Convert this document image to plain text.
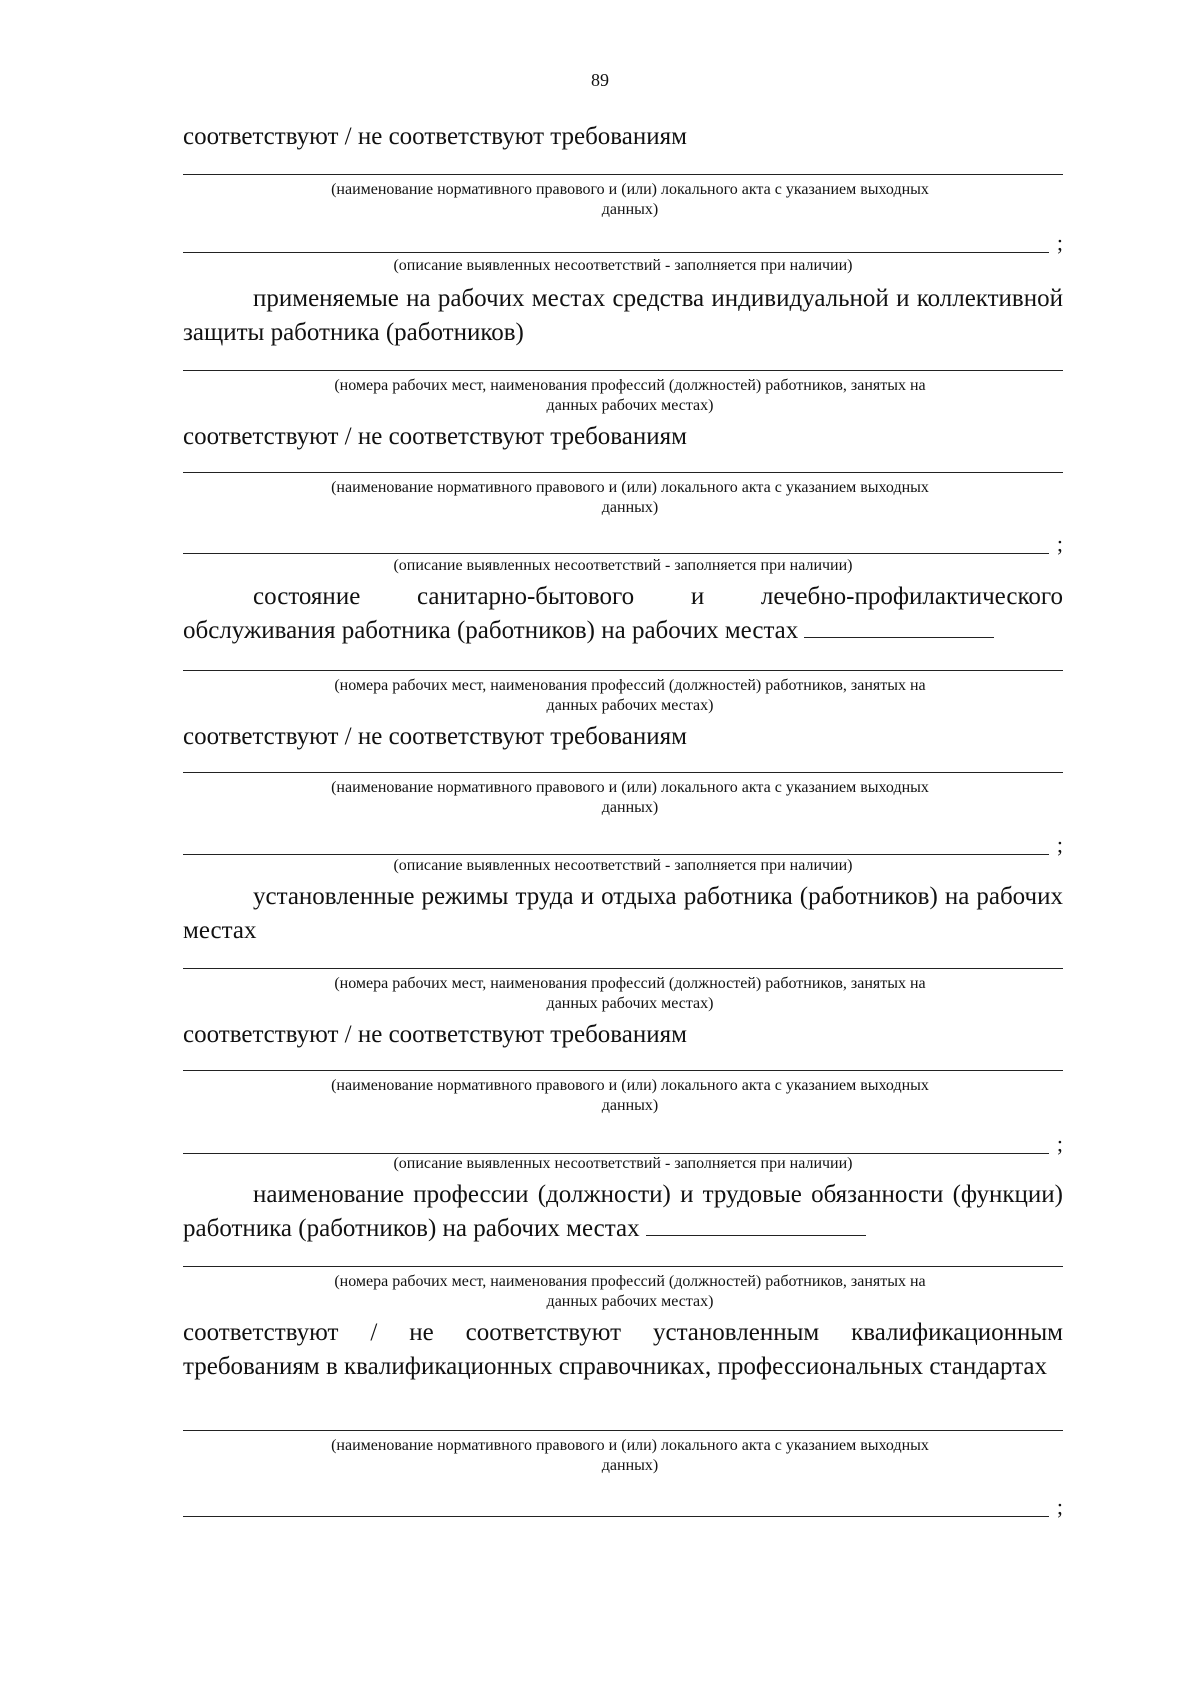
89

соответствуют / не соответствуют требованиям

(наименование нормативного правового и (или) локального акта с указанием выходных данных)

;

(описание выявленных несоответствий - заполняется при наличии)

применяемые на рабочих местах средства индивидуальной и коллективной защиты работника (работников)

(номера рабочих мест, наименования профессий (должностей) работников, занятых на данных рабочих местах)

соответствуют / не соответствуют требованиям

(наименование нормативного правового и (или) локального акта с указанием выходных данных)

;

(описание выявленных несоответствий - заполняется при наличии)

состояние санитарно-бытового и лечебно-профилактического обслуживания работника (работников) на рабочих местах

(номера рабочих мест, наименования профессий (должностей) работников, занятых на данных рабочих местах)

соответствуют / не соответствуют требованиям

(наименование нормативного правового и (или) локального акта с указанием выходных данных)

;

(описание выявленных несоответствий - заполняется при наличии)

установленные режимы труда и отдыха работника (работников) на рабочих местах

(номера рабочих мест, наименования профессий (должностей) работников, занятых на данных рабочих местах)

соответствуют / не соответствуют требованиям

(наименование нормативного правового и (или) локального акта с указанием выходных данных)

;

(описание выявленных несоответствий - заполняется при наличии)

наименование профессии (должности) и трудовые обязанности (функции) работника (работников) на рабочих местах

(номера рабочих мест, наименования профессий (должностей) работников, занятых на данных рабочих местах)

соответствуют / не соответствуют установленным квалификационным требованиям в квалификационных справочниках, профессиональных стандартах

(наименование нормативного правового и (или) локального акта с указанием выходных данных)

;
